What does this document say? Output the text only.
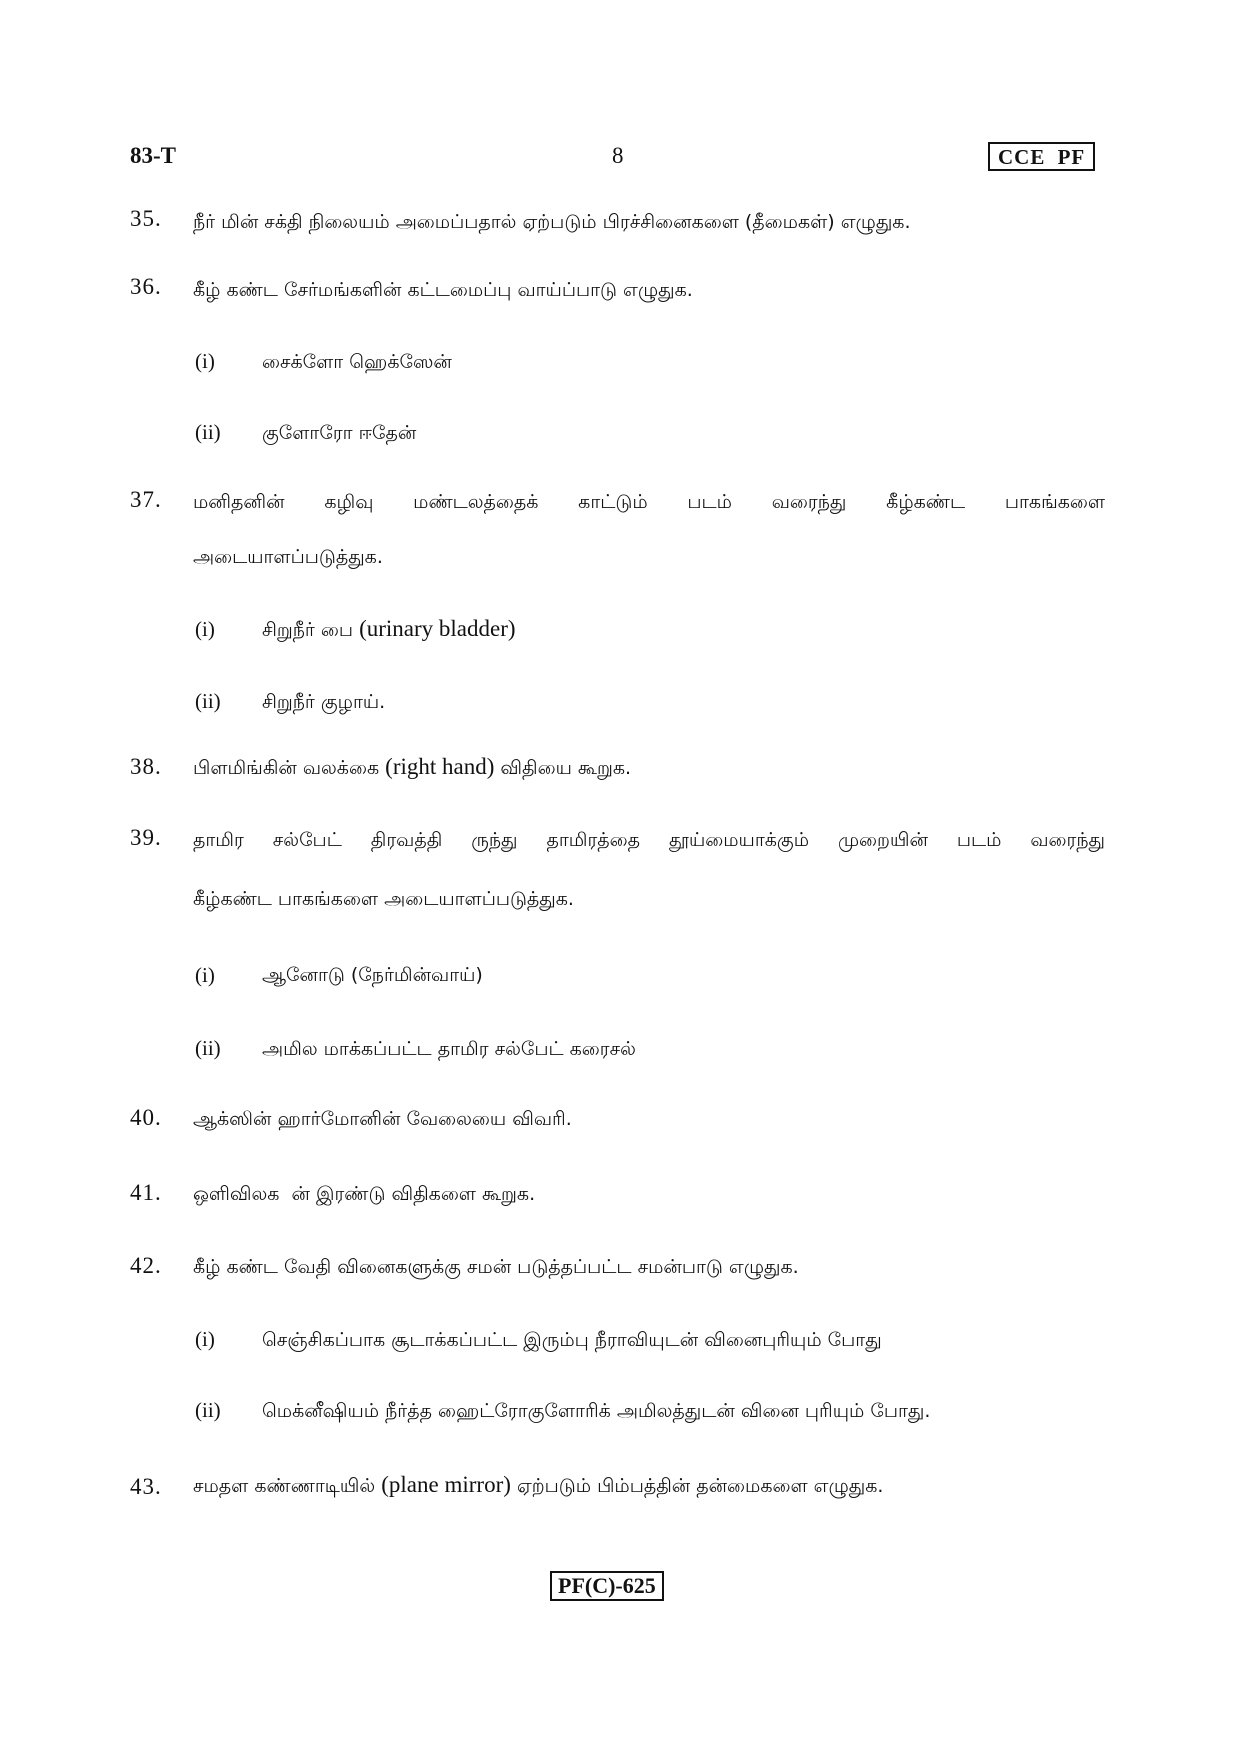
83-T	8	CCE PF
35. நீர் மின் சக்தி நிலையம் அமைப்பதால் ஏற்படும் பிரச்சினைகளை (தீமைகள்) எழுதுக.
36. கீழ் கண்ட சேர்மங்களின் கட்டமைப்பு வாய்ப்பாடு எழுதுக.
(i) சைக்ளோ ஹெக்ஸேன்
(ii) குளோரோ ஈதேன்
37. மனிதனின் கழிவு மண்டலத்தைக் காட்டும் படம் வரைந்து கீழ்கண்ட பாகங்களை
அடையாளப்படுத்துக.
(i) சிறுநீர் பை (urinary bladder)
(ii) சிறுநீர் குழாய்.
38. பிளமிங்கின் வலக்கை (right hand) விதியை கூறுக.
39. தாமிர சல்பேட் திரவத்தி ருந்து தாமிரத்தை தூய்மையாக்கும் முறையின் படம் வரைந்து
கீழ்கண்ட பாகங்களை அடையாளப்படுத்துக.
(i) ஆனோடு (நேர்மின்வாய்)
(ii) அமில மாக்கப்பட்ட தாமிர சல்பேட் கரைசல்
40. ஆக்ஸின் ஹார்மோனின் வேலையை விவரி.
41. ஒளிவிலக  ன் இரண்டு விதிகளை கூறுக.
42. கீழ் கண்ட வேதி வினைகளுக்கு சமன் படுத்தப்பட்ட சமன்பாடு எழுதுக.
(i) செஞ்சிகப்பாக சூடாக்கப்பட்ட இரும்பு நீராவியுடன் வினைபுரியும் போது
(ii) மெக்னீஷியம் நீர்த்த ஹைட்ரோகுளோரிக் அமிலத்துடன் வினை புரியும் போது.
43. சமதள கண்ணாடியில் (plane mirror) ஏற்படும் பிம்பத்தின் தன்மைகளை எழுதுக.
PF(C)-625
